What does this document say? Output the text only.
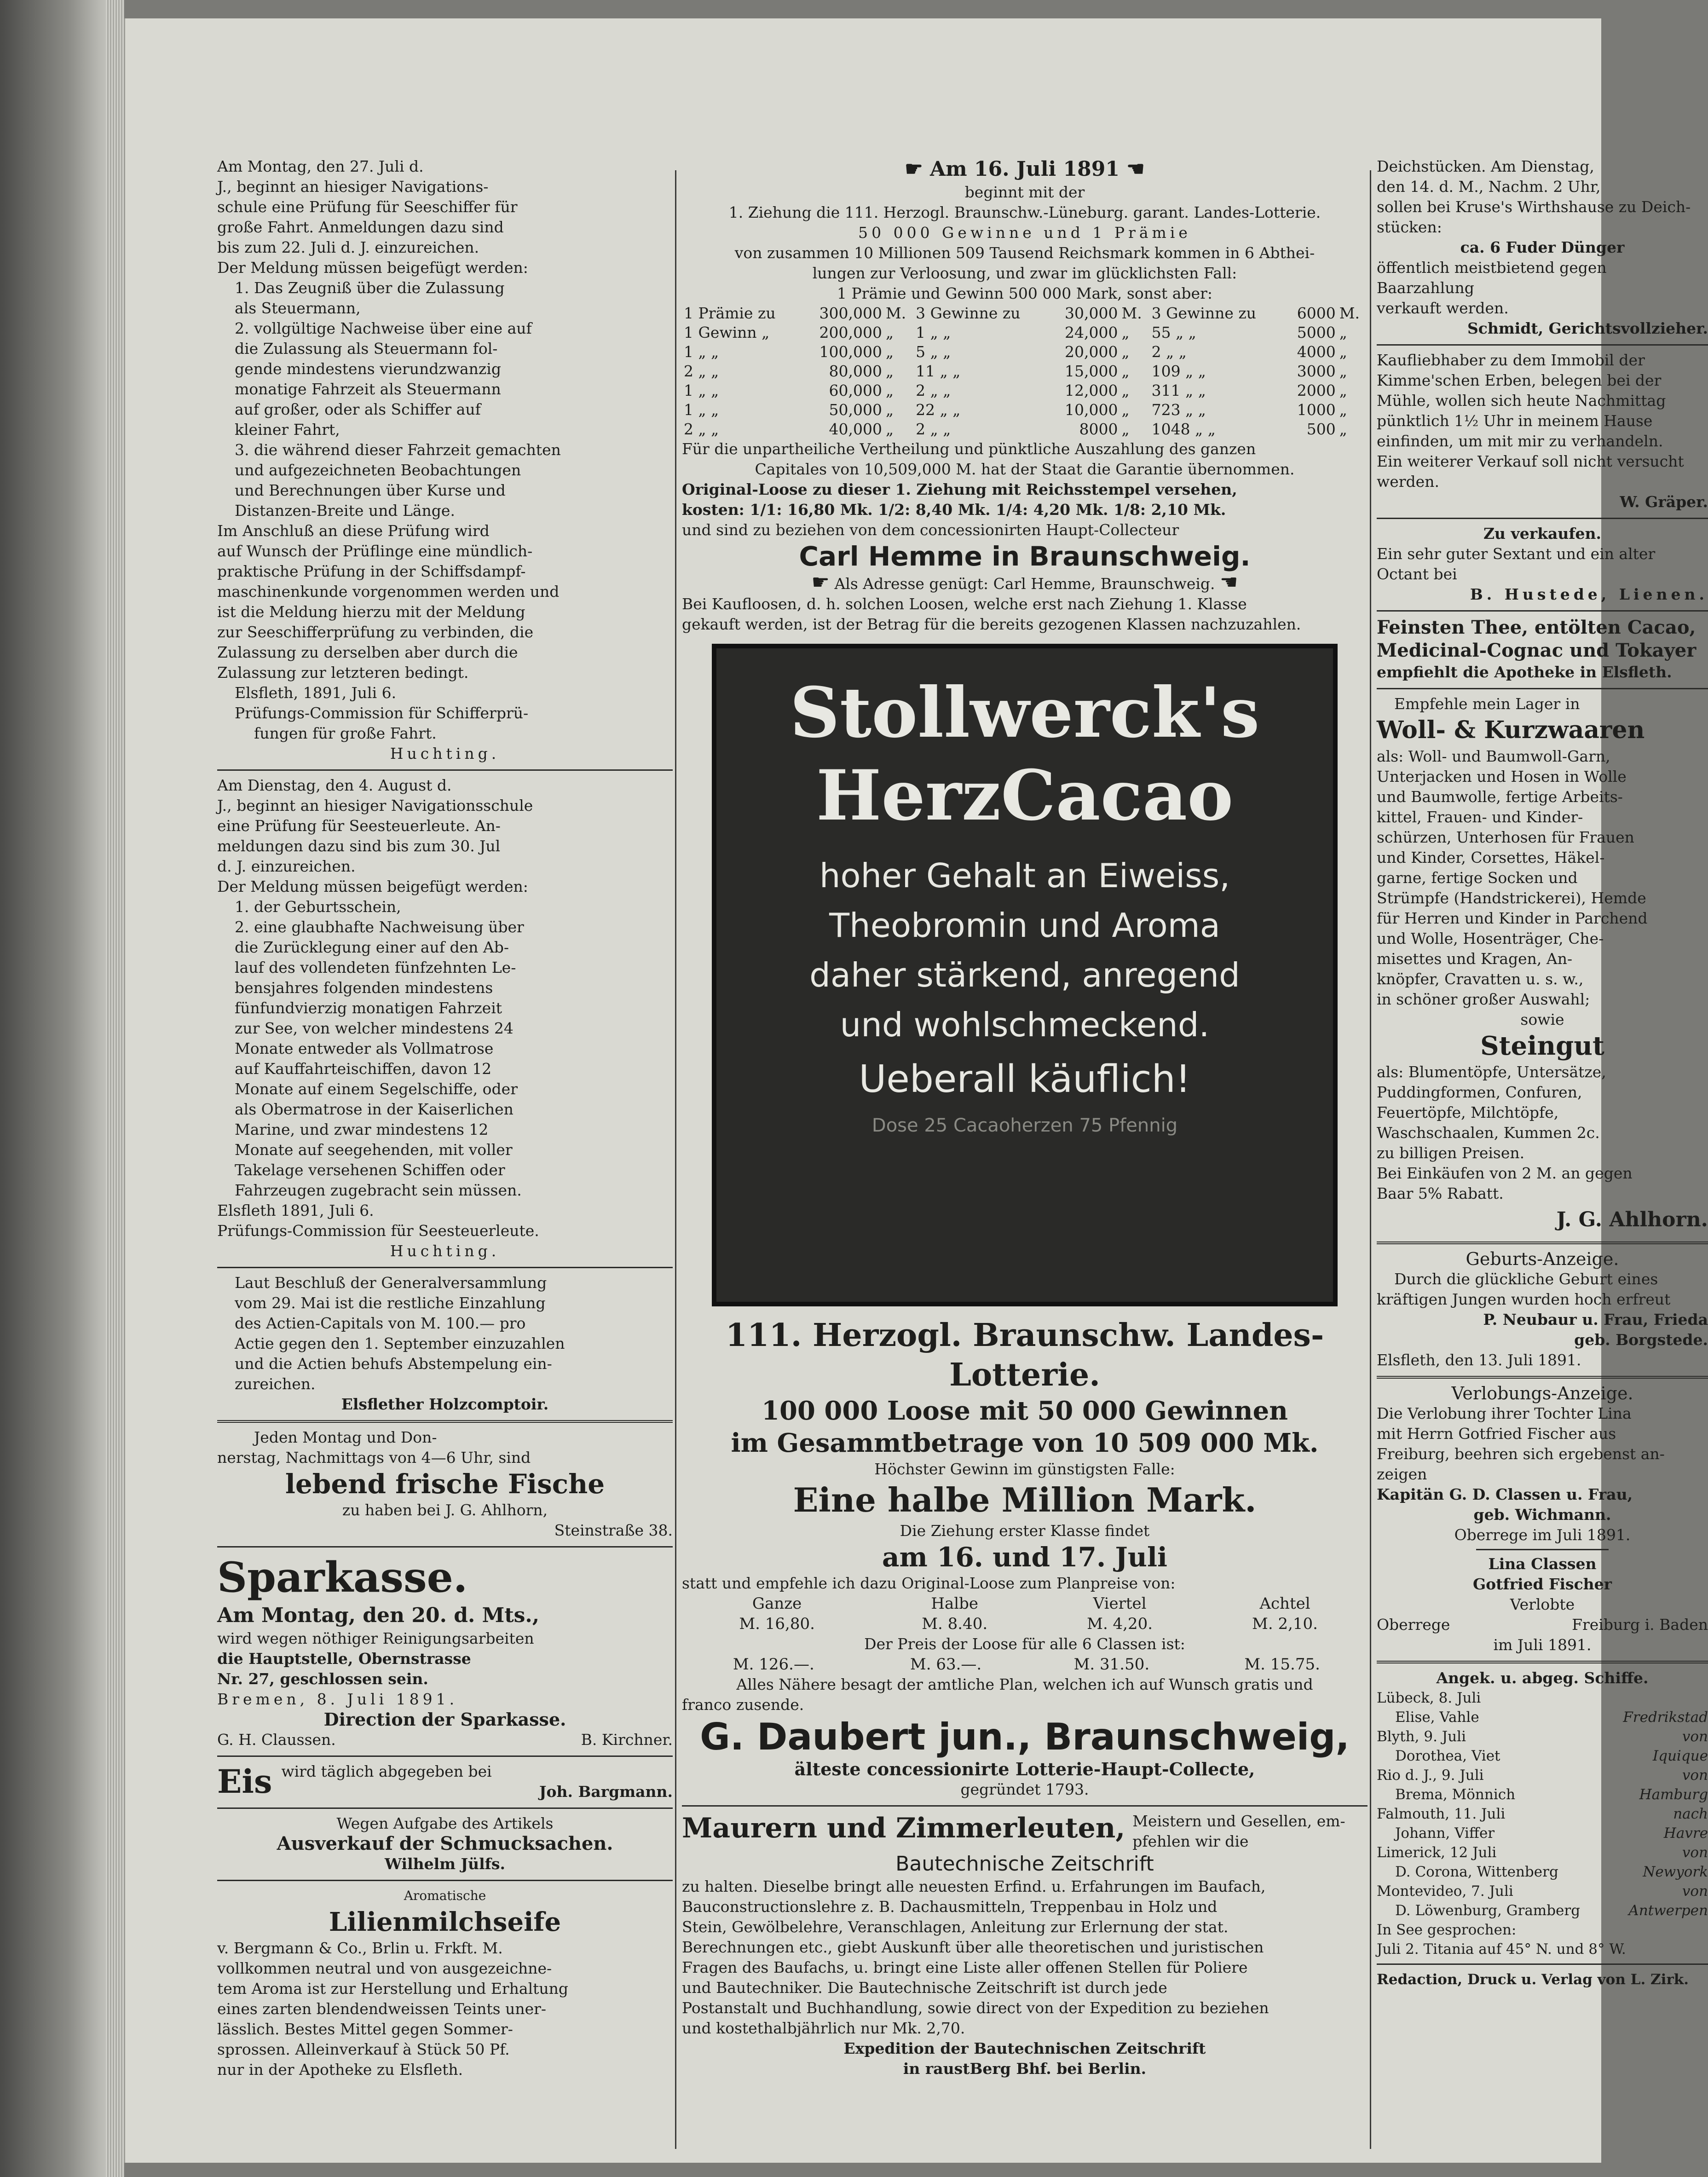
Am Montag, den 27. Juli d.

J., beginnt an hiesiger Navigations-

schule eine Prüfung für Seeschiffer für

große Fahrt. Anmeldungen dazu sind

bis zum 22. Juli d. J. einzureichen.

Der Meldung müssen beigefügt werden:

1. Das Zeugniß über die Zulassung

als Steuermann,

2. vollgültige Nachweise über eine auf

die Zulassung als Steuermann fol-

gende mindestens vierundzwanzig

monatige Fahrzeit als Steuermann

auf großer, oder als Schiffer auf

kleiner Fahrt,

3. die während dieser Fahrzeit gemachten

und aufgezeichneten Beobachtungen

und Berechnungen über Kurse und

Distanzen-Breite und Länge.

Im Anschluß an diese Prüfung wird

auf Wunsch der Prüflinge eine mündlich-

praktische Prüfung in der Schiffsdampf-

maschinenkunde vorgenommen werden und

ist die Meldung hierzu mit der Meldung

zur Seeschifferprüfung zu verbinden, die

Zulassung zu derselben aber durch die

Zulassung zur letzteren bedingt.

Elsfleth, 1891, Juli 6.

Prüfungs-Commission für Schifferprü-

fungen für große Fahrt.

Huchting.

Am Dienstag, den 4. August d.

J., beginnt an hiesiger Navigationsschule

eine Prüfung für Seesteuerleute. An-

meldungen dazu sind bis zum 30. Jul

d. J. einzureichen.

Der Meldung müssen beigefügt werden:

1. der Geburtsschein,

2. eine glaubhafte Nachweisung über

die Zurücklegung einer auf den Ab-

lauf des vollendeten fünfzehnten Le-

bensjahres folgenden mindestens

fünfundvierzig monatigen Fahrzeit

zur See, von welcher mindestens 24

Monate entweder als Vollmatrose

auf Kauffahrteischiffen, davon 12

Monate auf einem Segelschiffe, oder

als Obermatrose in der Kaiserlichen

Marine, und zwar mindestens 12

Monate auf seegehenden, mit voller

Takelage versehenen Schiffen oder

Fahrzeugen zugebracht sein müssen.

Elsfleth 1891, Juli 6.

Prüfungs-Commission für Seesteuerleute.

Huchting.

Laut Beschluß der Generalversammlung

vom 29. Mai ist die restliche Einzahlung

des Actien-Capitals von M. 100.— pro

Actie gegen den 1. September einzuzahlen

und die Actien behufs Abstempelung ein-

zureichen.

Elsflether Holzcomptoir.

Jeden Montag und Don-

nerstag, Nachmittags von 4—6 Uhr, sind

lebend frische Fische

zu haben bei J. G. Ahlhorn,

Steinstraße 38.

Sparkasse.

Am Montag, den 20. d. Mts.,

wird wegen nöthiger Reinigungsarbeiten

die Hauptstelle, Obernstrasse

Nr. 27, geschlossen sein.

Bremen, 8. Juli 1891.

Direction der Sparkasse.

G. H. Claussen.	B. Kirchner.

Eis wird täglich abgegeben bei

Joh. Bargmann.

Wegen Aufgabe des Artikels

Ausverkauf der Schmucksachen.

Wilhelm Jülfs.

Aromatische

Lilienmilchseife

v. Bergmann & Co., Brlin u. Frkft. M.

vollkommen neutral und von ausgezeichne-

tem Aroma ist zur Herstellung und Erhaltung

eines zarten blendendweissen Teints uner-

lässlich. Bestes Mittel gegen Sommer-

sprossen. Alleinverkauf à Stück 50 Pf.

nur in der Apotheke zu Elsfleth.

☛ Am 16. Juli 1891 ☚

beginnt mit der

1. Ziehung die 111. Herzogl. Braunschw.-Lüneburg. garant. Landes-Lotterie.

50 000 Gewinne und 1 Prämie

von zusammen 10 Millionen 509 Tausend Reichsmark kommen in 6 Abthei-

lungen zur Verloosung, und zwar im glücklichsten Fall:

1 Prämie und Gewinn 500 000 Mark, sonst aber:

1 Prämie zu	300,000	M.	3 Gewinne zu	30,000	M.	3 Gewinne zu	6000	M.
1 Gewinn „	200,000	„	1 „ „	24,000	„	55 „ „	5000	„
1 „ „	100,000	„	5 „ „	20,000	„	2 „ „	4000	„
2 „ „	80,000	„	11 „ „	15,000	„	109 „ „	3000	„
1 „ „	60,000	„	2 „ „	12,000	„	311 „ „	2000	„
1 „ „	50,000	„	22 „ „	10,000	„	723 „ „	1000	„
2 „ „	40,000	„	2 „ „	8000	„	1048 „ „	500	„

Für die unpartheiliche Vertheilung und pünktliche Auszahlung des ganzen

Capitales von 10,509,000 M. hat der Staat die Garantie übernommen.

Original-Loose zu dieser 1. Ziehung mit Reichsstempel versehen,

kosten: 1/1: 16,80 Mk. 1/2: 8,40 Mk. 1/4: 4,20 Mk. 1/8: 2,10 Mk.

und sind zu beziehen von dem concessionirten Haupt-Collecteur

Carl Hemme in Braunschweig.

☛ Als Adresse genügt: Carl Hemme, Braunschweig. ☚

Bei Kaufloosen, d. h. solchen Loosen, welche erst nach Ziehung 1. Klasse

gekauft werden, ist der Betrag für die bereits gezogenen Klassen nachzuzahlen.

Stollwerck's
HerzCacao
hoher Gehalt an Eiweiss,
Theobromin und Aroma
daher stärkend, anregend
und wohlschmeckend.
Ueberall käuflich!
Dose 25 Cacaoherzen 75 Pfennig

111. Herzogl. Braunschw. Landes-Lotterie.

100 000 Loose mit 50 000 Gewinnen

im Gesammtbetrage von 10 509 000 Mk.

Höchster Gewinn im günstigsten Falle:

Eine halbe Million Mark.

Die Ziehung erster Klasse findet

am 16. und 17. Juli

statt und empfehle ich dazu Original-Loose zum Planpreise von:

Ganze	Halbe	Viertel	Achtel
M. 16,80.	M. 8.40.	M. 4,20.	M. 2,10.

Der Preis der Loose für alle 6 Classen ist:

M. 126.—.	M. 63.—.	M. 31.50.	M. 15.75.

Alles Nähere besagt der amtliche Plan, welchen ich auf Wunsch gratis und

franco zusende.

G. Daubert jun., Braunschweig,

älteste concessionirte Lotterie-Haupt-Collecte,

gegründet 1793.

Maurern und Zimmerleuten, Meistern und Gesellen, em-

pfehlen wir die

Bautechnische Zeitschrift

zu halten. Dieselbe bringt alle neuesten Erfind. u. Erfahrungen im Baufach,

Bauconstructionslehre z. B. Dachausmitteln, Treppenbau in Holz und

Stein, Gewölbelehre, Veranschlagen, Anleitung zur Erlernung der stat.

Berechnungen etc., giebt Auskunft über alle theoretischen und juristischen

Fragen des Baufachs, u. bringt eine Liste aller offenen Stellen für Poliere

und Bautechniker. Die Bautechnische Zeitschrift ist durch jede

Postanstalt und Buchhandlung, sowie direct von der Expedition zu beziehen

und kostethalbjährlich nur Mk. 2,70.

Expedition der Bautechnischen Zeitschrift

in raustBerg Bhf. bei Berlin.

Deichstücken. Am Dienstag,

den 14. d. M., Nachm. 2 Uhr,

sollen bei Kruse's Wirthshause zu Deich-

stücken:

ca. 6 Fuder Dünger

öffentlich meistbietend gegen Baarzahlung

verkauft werden.

Schmidt, Gerichtsvollzieher.

Kaufliebhaber zu dem Immobil der

Kimme'schen Erben, belegen bei der

Mühle, wollen sich heute Nachmittag

pünktlich 1½ Uhr in meinem Hause

einfinden, um mit mir zu verhandeln.

Ein weiterer Verkauf soll nicht versucht

werden.

W. Gräper.

Zu verkaufen.

Ein sehr guter Sextant und ein alter

Octant bei

B. Hustede, Lienen.

Feinsten Thee, entölten Cacao,

Medicinal-Cognac und Tokayer

empfiehlt die Apotheke in Elsfleth.

Empfehle mein Lager in

Woll- & Kurzwaaren

als: Woll- und Baumwoll-Garn,

Unterjacken und Hosen in Wolle

und Baumwolle, fertige Arbeits-

kittel, Frauen- und Kinder-

schürzen, Unterhosen für Frauen

und Kinder, Corsettes, Häkel-

garne, fertige Socken und

Strümpfe (Handstrickerei), Hemde

für Herren und Kinder in Parchend

und Wolle, Hosenträger, Che-

misettes und Kragen, An-

knöpfer, Cravatten u. s. w.,

in schöner großer Auswahl;

sowie

Steingut

als: Blumentöpfe, Untersätze,

Puddingformen, Confuren,

Feuertöpfe, Milchtöpfe,

Waschschaalen, Kummen 2c.

zu billigen Preisen.

Bei Einkäufen von 2 M. an gegen

Baar 5% Rabatt.

J. G. Ahlhorn.

Geburts-Anzeige.

Durch die glückliche Geburt eines

kräftigen Jungen wurden hoch erfreut

P. Neubaur u. Frau, Frieda

geb. Borgstede.

Elsfleth, den 13. Juli 1891.

Verlobungs-Anzeige.

Die Verlobung ihrer Tochter Lina

mit Herrn Gotfried Fischer aus

Freiburg, beehren sich ergebenst an-

zeigen

Kapitän G. D. Classen u. Frau,

geb. Wichmann.

Oberrege im Juli 1891.

Lina Classen

Gotfried Fischer

Verlobte

Oberrege	Freiburg i. Baden

im Juli 1891.

Angek. u. abgeg. Schiffe.

Lübeck, 8. Juli

Elise, Vahle	Fredrikstad

Blyth, 9. Juli	von

Dorothea, Viet	Iquique

Rio d. J., 9. Juli	von

Brema, Mönnich	Hamburg

Falmouth, 11. Juli	nach

Johann, Viffer	Havre

Limerick, 12 Juli	von

D. Corona, Wittenberg	Newyork

Montevideo, 7. Juli	von

D. Löwenburg, Gramberg	Antwerpen

In See gesprochen:

Juli 2. Titania auf 45° N. und 8° W.

Redaction, Druck u. Verlag von L. Zirk.
